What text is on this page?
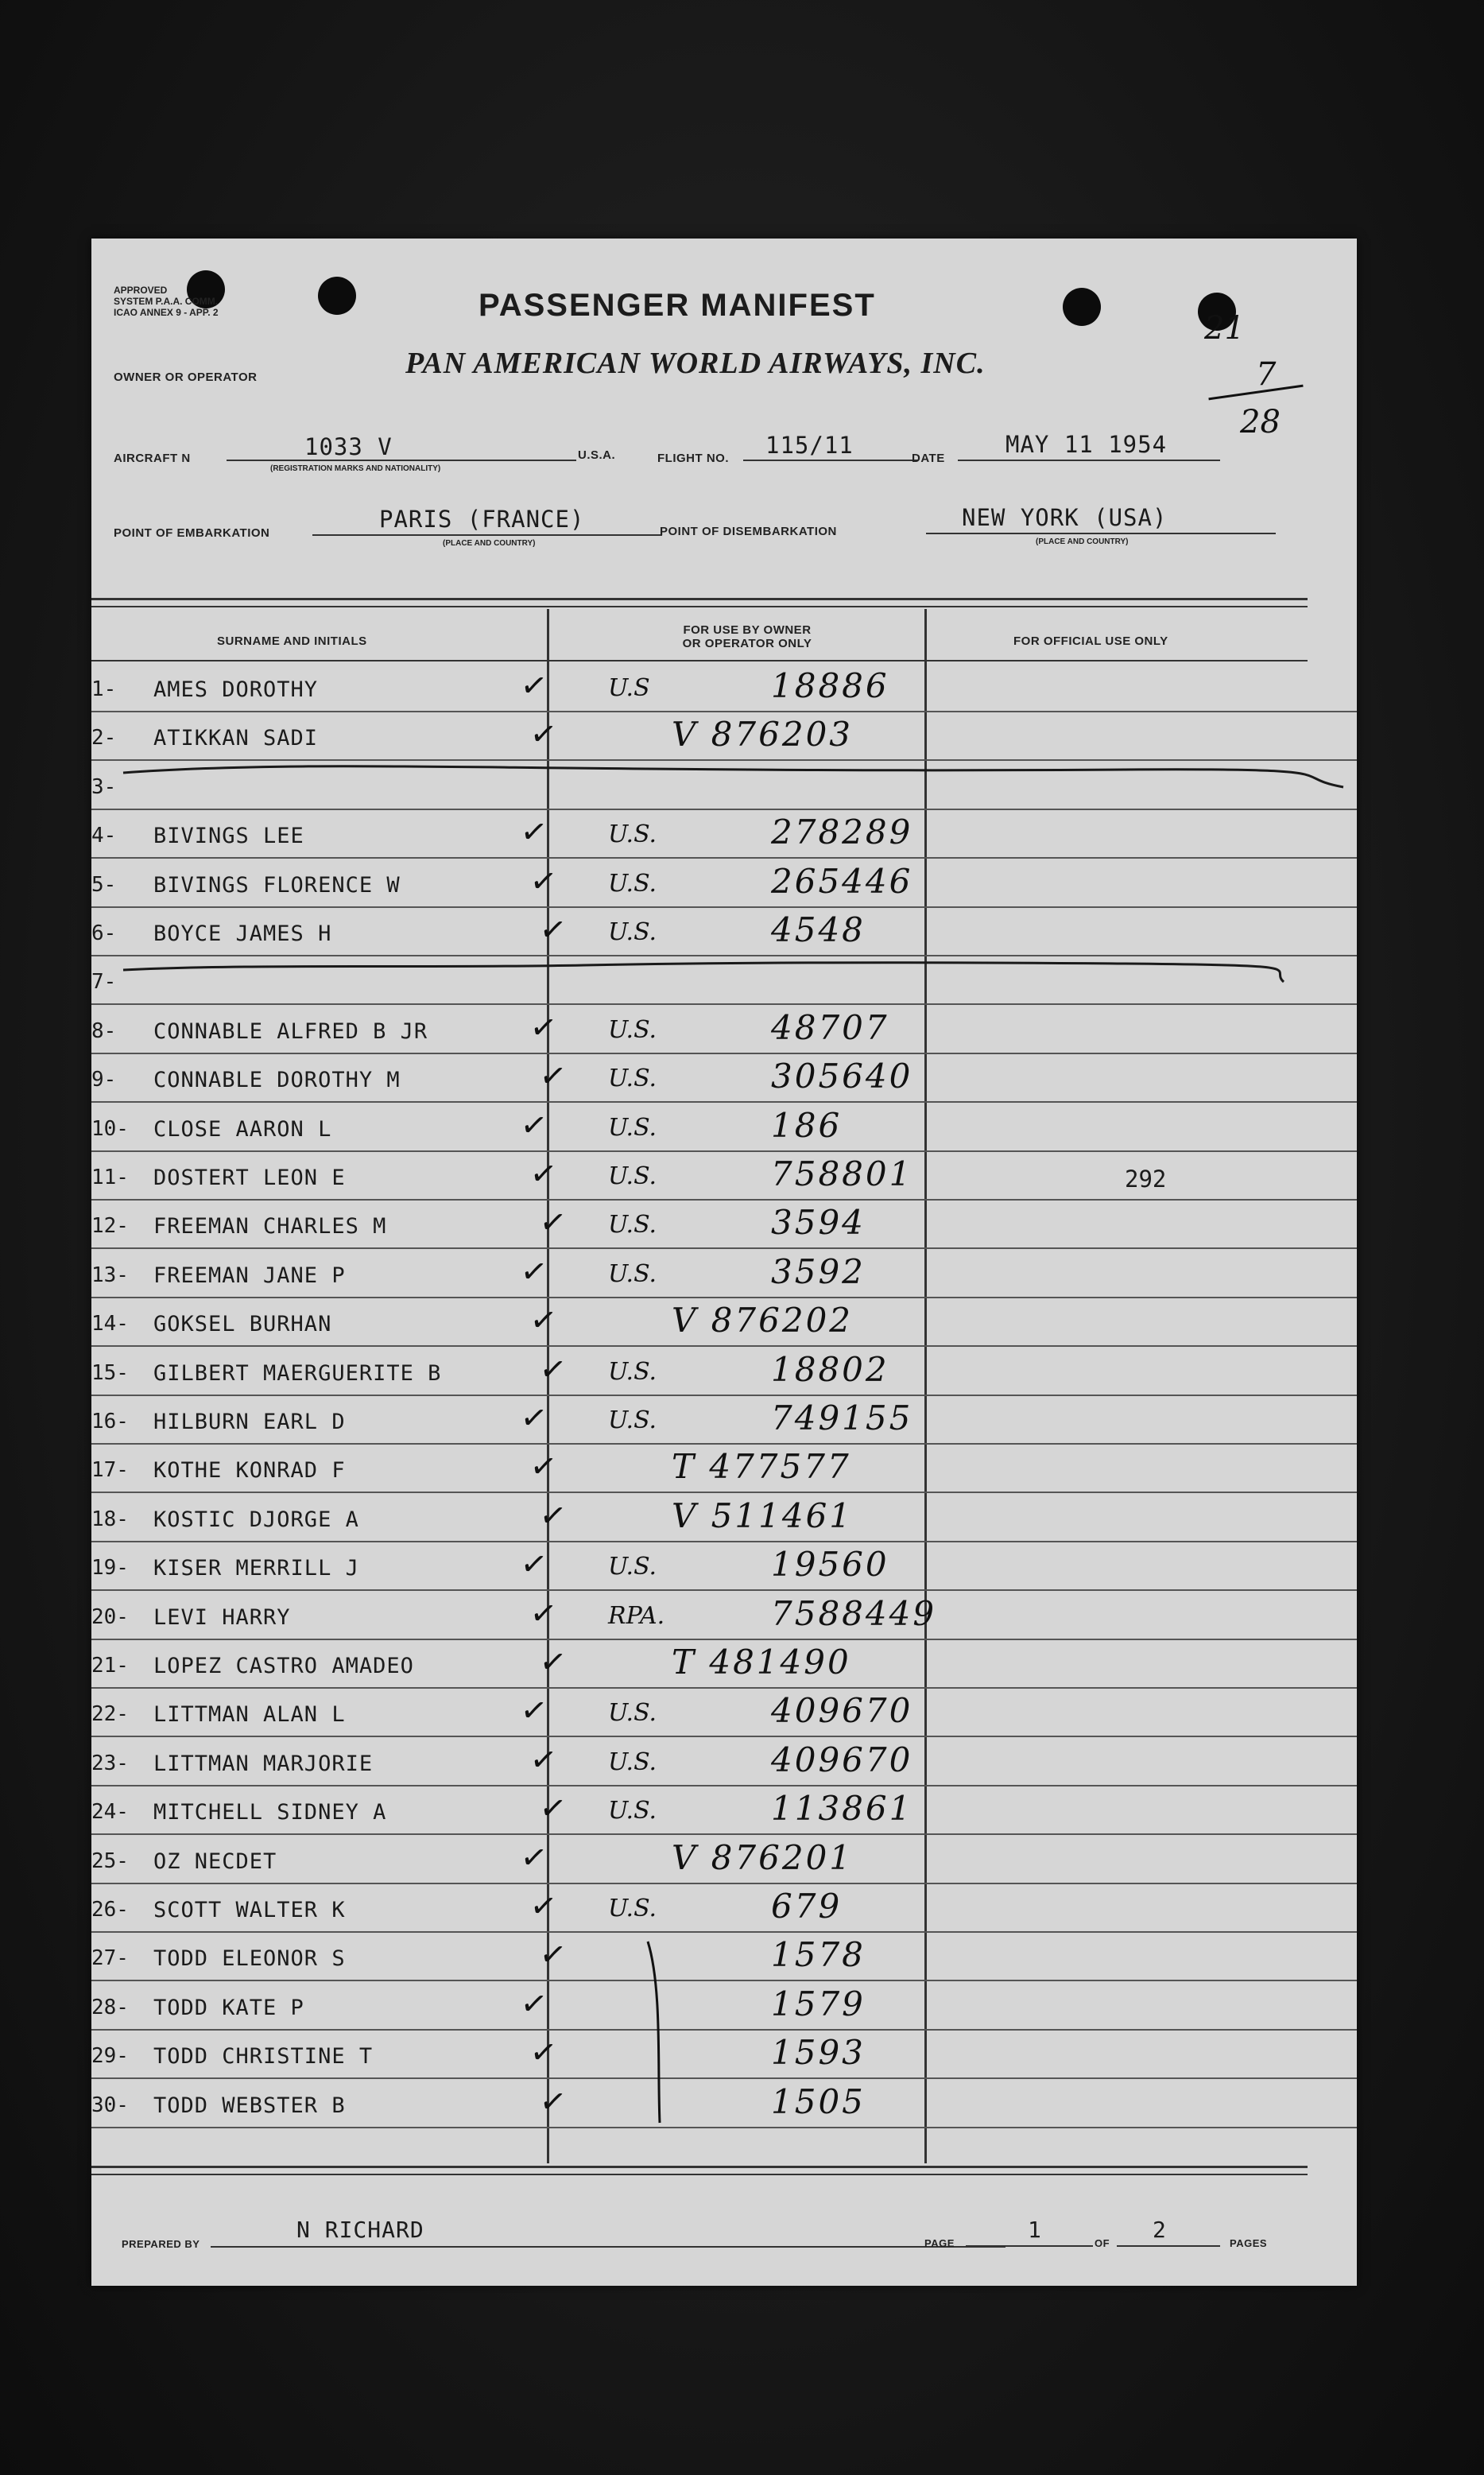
APPROVED
SYSTEM P.A.A. COMM.
ICAO ANNEX 9 - APP. 2	PASSENGER MANIFEST
OWNER OR OPERATOR	PAN AMERICAN WORLD AIRWAYS, INC.
21
7
28
AIRCRAFT N	1033 V
(REGISTRATION MARKS AND NATIONALITY)
U.S.A.	FLIGHT NO. 115/11	DATE
MAY 11 1954
POINT OF EMBARKATION
PARIS (FRANCE)
(PLACE AND COUNTRY)
POINT OF DISEMBARKATION
NEW YORK (USA)
(PLACE AND COUNTRY)
SURNAME AND INITIALS
FOR USE BY OWNER
OR OPERATOR ONLY	FOR OFFICIAL USE ONLY
1- AMES DOROTHY	✓ U.S	18886
2- ATIKKAN SADI	✓	V 876203
3-
4- BIVINGS LEE	✓ U.S.	278289
5- BIVINGS FLORENCE W	✓ U.S.	265446
6- BOYCE JAMES H	✓ U.S.	4548
7-
8- CONNABLE ALFRED B JR	✓ U.S.	48707
9- CONNABLE DOROTHY M	✓ U.S.	305640
10- CLOSE AARON L	✓ U.S.	186
11- DOSTERT LEON E	✓ U.S.	758801	292
12- FREEMAN CHARLES M	✓ U.S.	3594
13- FREEMAN JANE P	✓ U.S.	3592
14- GOKSEL BURHAN	✓	V 876202
15- GILBERT MAERGUERITE B	✓ U.S.	18802
16- HILBURN EARL D	✓ U.S.	749155
17- KOTHE KONRAD F	✓	T 477577
18- KOSTIC DJORGE A	✓	V 511461
19- KISER MERRILL J	✓ U.S.	19560
20- LEVI HARRY	✓ RPA.	7588449
21- LOPEZ CASTRO AMADEO	✓	T 481490
22- LITTMAN ALAN L	✓ U.S.	409670
23- LITTMAN MARJORIE	✓ U.S.	409670
24- MITCHELL SIDNEY A	✓ U.S.	113861
25- OZ NECDET	✓	V 876201
26- SCOTT WALTER K	✓ U.S.	679
27- TODD ELEONOR S	✓	1578
28- TODD KATE P	✓	1579
29- TODD CHRISTINE T	✓	1593
30- TODD WEBSTER B	✓	1505
PREPARED BY
N RICHARD
PAGE
1
OF
2
PAGES
